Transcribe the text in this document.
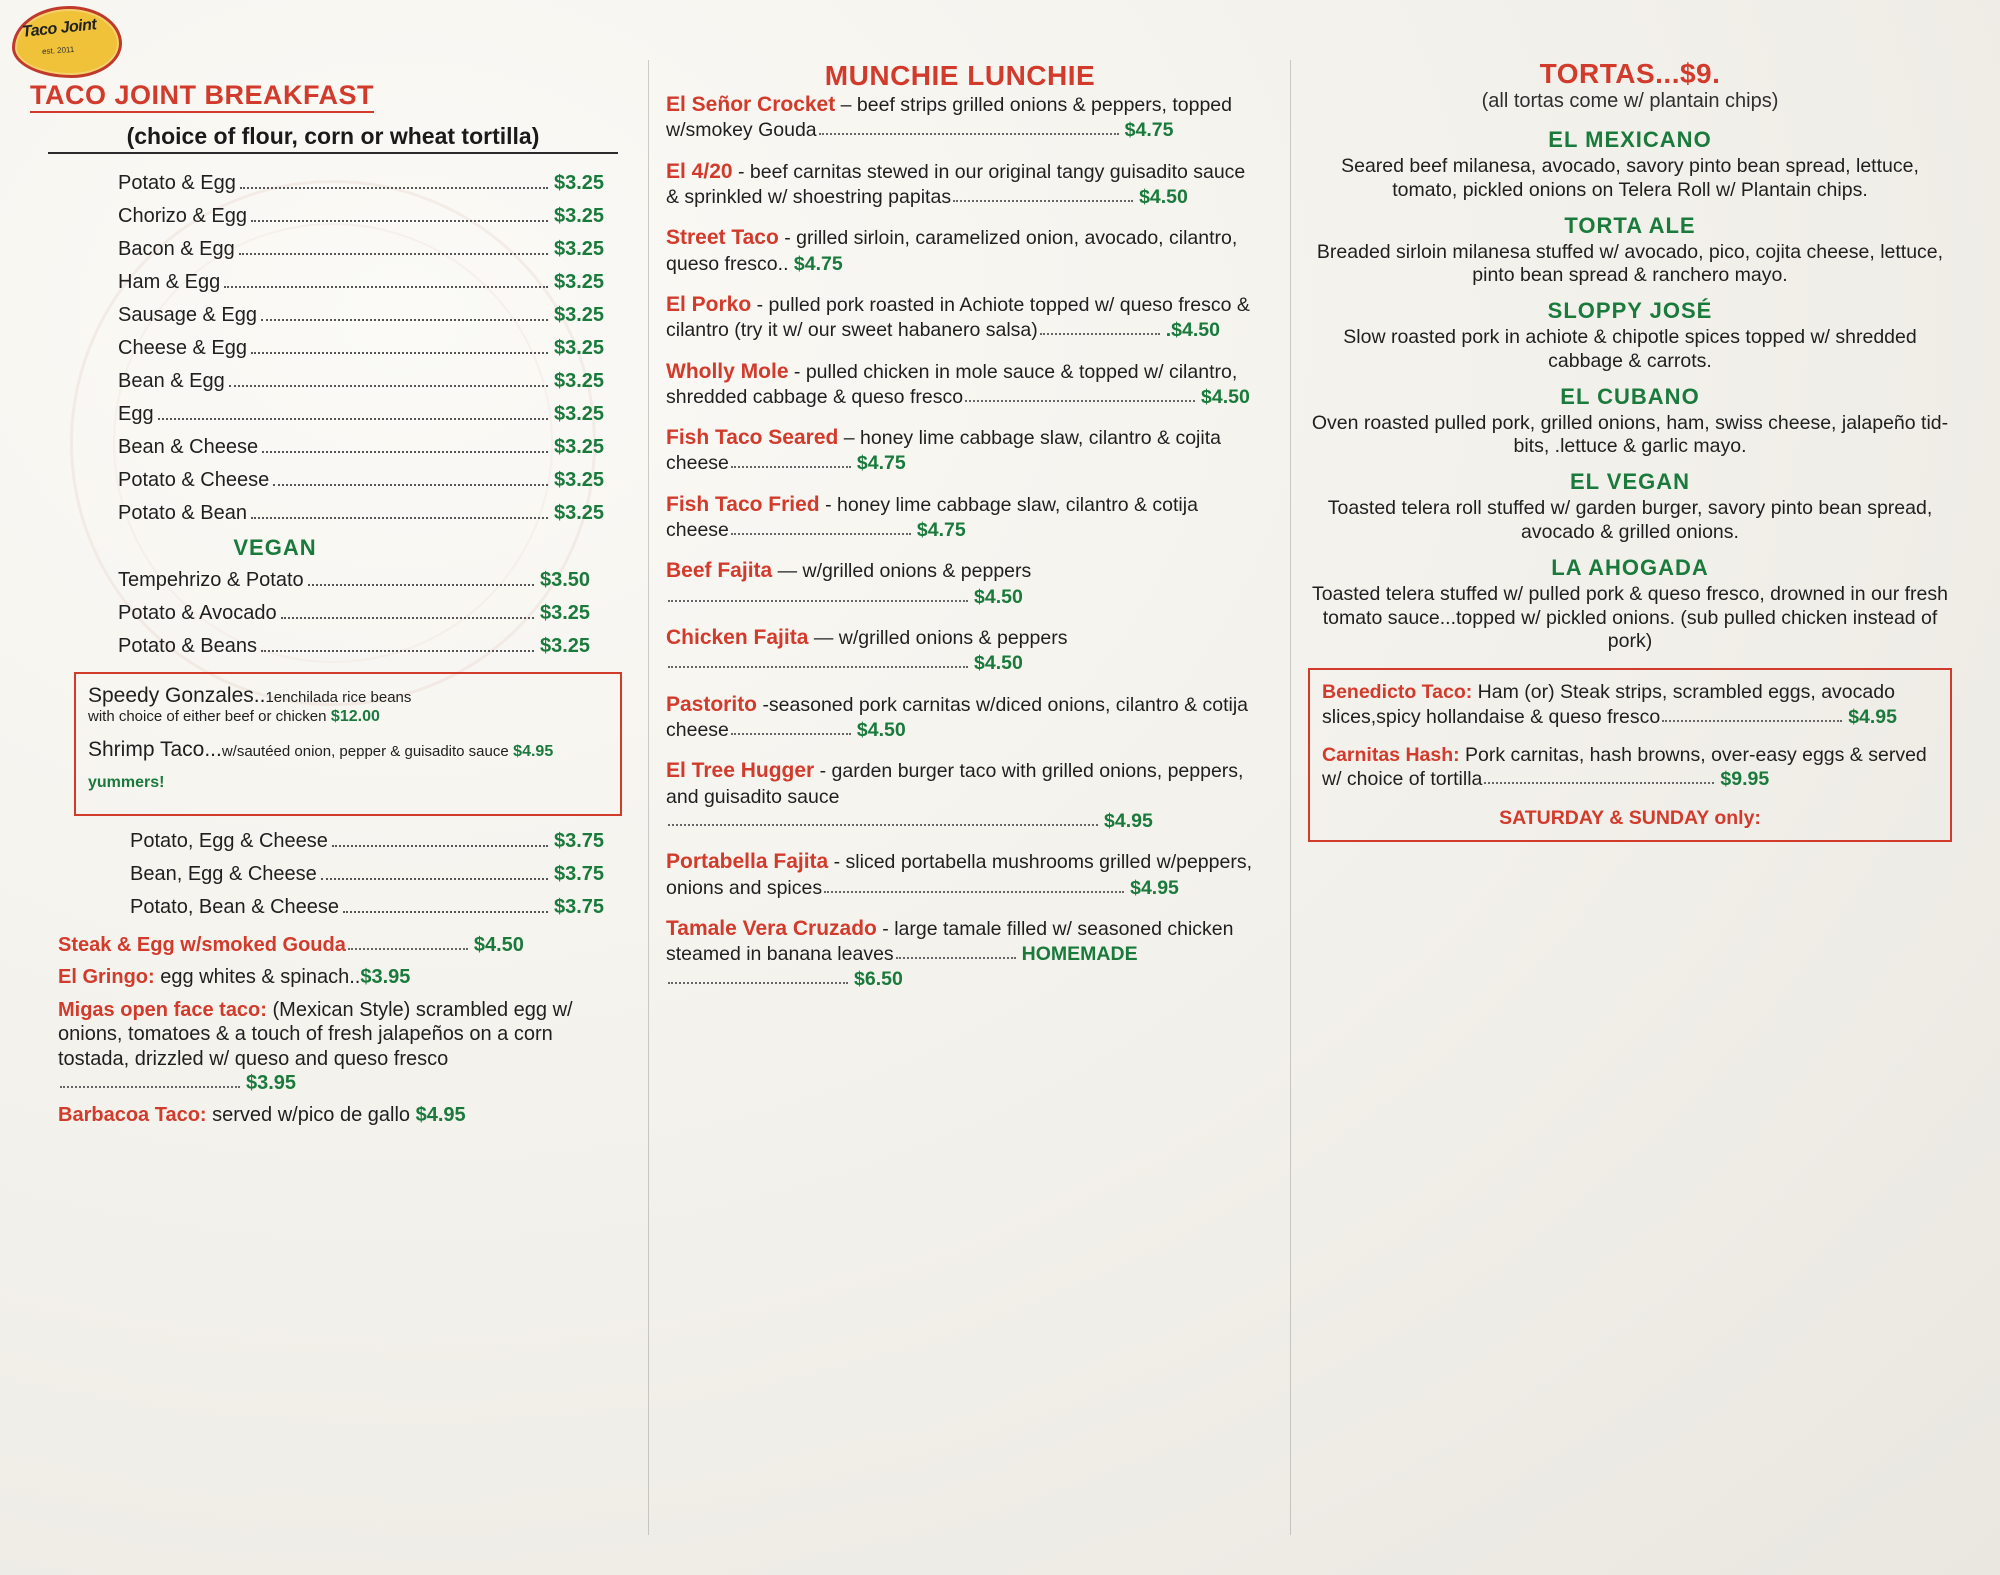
Taco Joint
est. 2011
TACO JOINT BREAKFAST
(choice of flour, corn or wheat tortilla)
Potato & Egg	$3.25
Chorizo & Egg	$3.25
Bacon & Egg	$3.25
Ham & Egg	$3.25
Sausage & Egg	$3.25
Cheese & Egg	$3.25
Bean & Egg	$3.25
Egg	$3.25
Bean & Cheese	$3.25
Potato & Cheese	$3.25
Potato & Bean	$3.25
VEGAN
Tempehrizo & Potato	$3.50
Potato & Avocado	$3.25
Potato & Beans	$3.25

Speedy Gonzales..1enchilada rice beans
with choice of either beef or chicken $12.00

Shrimp Taco...w/sautéed onion, pepper & guisadito sauce $4.95

yummers!

Potato, Egg & Cheese	$3.75
Bean, Egg & Cheese	$3.75
Potato, Bean & Cheese	$3.75
Steak & Egg w/smoked Gouda	$4.50
El Gringo: egg whites & spinach..$3.95
Migas open face taco: (Mexican Style) scrambled egg w/ onions, tomatoes & a touch of fresh jalapeños on a corn tostada, drizzled w/ queso and queso fresco$3.95
Barbacoa Taco: served w/pico de gallo $4.95
MUNCHIE LUNCHIE
El Señor Crocket – beef strips grilled onions & peppers, topped w/smokey Gouda	$4.75
El 4/20 - beef carnitas stewed in our original tangy guisadito sauce & sprinkled w/ shoestring papitas	$4.50
Street Taco - grilled sirloin, caramelized onion, avocado, cilantro, queso fresco.. $4.75
El Porko - pulled pork roasted in Achiote topped w/ queso fresco & cilantro (try it w/ our sweet habanero salsa)	.$4.50
Wholly Mole - pulled chicken in mole sauce & topped w/ cilantro, shredded cabbage & queso fresco	$4.50
Fish Taco Seared – honey lime cabbage slaw, cilantro & cojita cheese	$4.75
Fish Taco Fried - honey lime cabbage slaw, cilantro & cotija cheese	$4.75
Beef Fajita — w/grilled onions & peppers$4.50
Chicken Fajita — w/grilled onions & peppers$4.50
Pastorito -seasoned pork carnitas w/diced onions, cilantro & cotija cheese	$4.50
El Tree Hugger - garden burger taco with grilled onions, peppers, and guisadito sauce$4.95
Portabella Fajita - sliced portabella mushrooms grilled w/peppers, onions and spices	$4.95
Tamale Vera Cruzado - large tamale filled w/ seasoned chicken steamed in banana leaves	HOMEMADE$6.50
TORTAS...$9.
(all tortas come w/ plantain chips)
EL MEXICANO
Seared beef milanesa, avocado, savory pinto bean spread, lettuce, tomato, pickled onions on Telera Roll w/ Plantain chips.
TORTA ALE
Breaded sirloin milanesa stuffed w/ avocado, pico, cojita cheese, lettuce, pinto bean spread & ranchero mayo.
SLOPPY JOSÉ
Slow roasted pork in achiote & chipotle spices topped w/ shredded cabbage & carrots.
EL CUBANO
Oven roasted pulled pork, grilled onions, ham, swiss cheese, jalapeño tid-bits, .lettuce & garlic mayo.
EL VEGAN
Toasted telera roll stuffed w/ garden burger, savory pinto bean spread, avocado & grilled onions.
LA AHOGADA
Toasted telera stuffed w/ pulled pork & queso fresco, drowned in our fresh tomato sauce...topped w/ pickled onions. (sub pulled chicken instead of pork)

Benedicto Taco: Ham (or) Steak strips, scrambled eggs, avocado slices,spicy hollandaise & queso fresco	$4.95

Carnitas Hash: Pork carnitas, hash browns, over-easy eggs & served w/ choice of tortilla	$9.95

SATURDAY & SUNDAY only:
